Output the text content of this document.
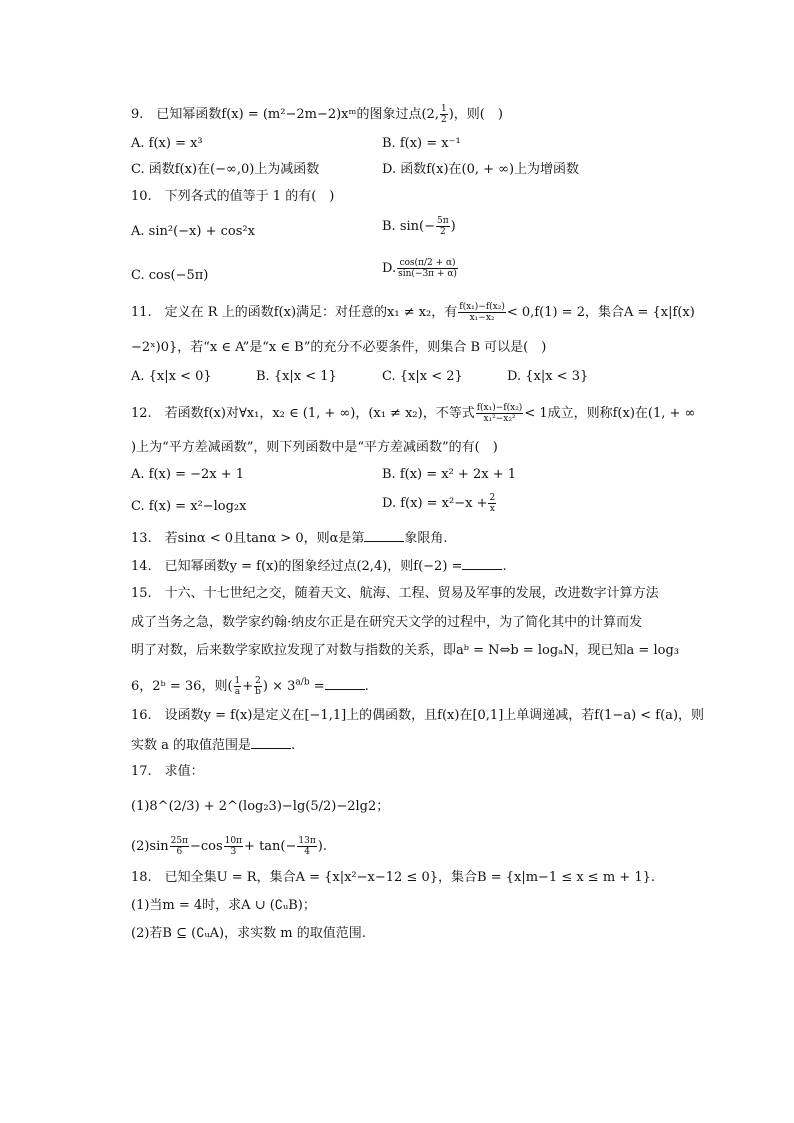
9.　已知幂函数f(x) = (m²−2m−2)xᵐ的图象过点(2, $\frac{1}{2}$ )，则(　)
A. f(x) = x³	B. f(x) = x⁻¹
C. 函数f(x)在(−∞,0)上为减函数	D. 函数f(x)在(0, + ∞)上为增函数
10.　下列各式的值等于 1 的有(　)
A. sin²(−x) + cos²x	B. $\sin(- \frac{5\pi}{2}$ )
C. cos(−5π)	D. $\frac{\cos(\pi/2 + \alpha)}{\sin(-3\pi + \alpha)}$
11.　定义在 R 上的函数f(x)满足：对任意的x₁ ≠ x₂，有 $\frac{\text{f(x₁)−f(x₂)}}{\text{x₁−x₂}} < 0,f(1) = 2$，集合A = {x|f(x)
−2ˣ)0}，若“x ∈ A”是“x ∈ B”的充分不必要条件，则集合 B 可以是(　)
A. {x|x < 0}	B. {x|x < 1}	C. {x|x < 2}	D. {x|x < 3}
12.　若函数f(x)对∀x₁，x₂ ∈ (1, + ∞)，(x₁ ≠ x₂)，不等式 $\frac{\text{f(x₁)−f(x₂)}}{\text{x₁²−x₂²}} < 1$成立，则称f(x)在(1, + ∞
)上为“平方差减函数”，则下列函数中是“平方差减函数”的有(　)
A. f(x) = −2x + 1	B. f(x) = x² + 2x + 1
C. f(x) = x²−log₂x	D. $f(x) = x^2-x + \frac{2}{x}$
13.　若sinα < 0且tanα > 0，则α是第	象限角.
14.　已知幂函数y = f(x)的图象经过点(2,4)，则f(−2) =	.
15.　十六、十七世纪之交，随着天文、航海、工程、贸易及军事的发展，改进数字计算方法
成了当务之急，数学家约翰·纳皮尔正是在研究天文学的过程中，为了简化其中的计算而发
明了对数，后来数学家欧拉发现了对数与指数的关系，即aᵇ = N⇔b = logₐN，现已知a = log₃
6，2ᵇ = 36，则( $\frac{1}{a} + \frac{2}{b}$ ) × $3^{a/b}$ =	.
16.　设函数y = f(x)是定义在[−1,1]上的偶函数，且f(x)在[0,1]上单调递减，若f(1−a) < f(a)，则
实数 a 的取值范围是	.
17.　求值：
(1)8^(2/3) + 2^(log₂3)−lg(5/2)−2lg2；
$(2)\sin \frac{25\pi}{6} -\cos \frac{10\pi}{3} + \tan(- \frac{13\pi}{4}$ ).
18.　已知全集U = R，集合A = {x|x²−x−12 ≤ 0}，集合B = {x|m−1 ≤ x ≤ m + 1}.
(1)当m = 4时，求A ∪ (∁ᵤB)；
(2)若B ⊆ (∁ᵤA)，求实数 m 的取值范围.
